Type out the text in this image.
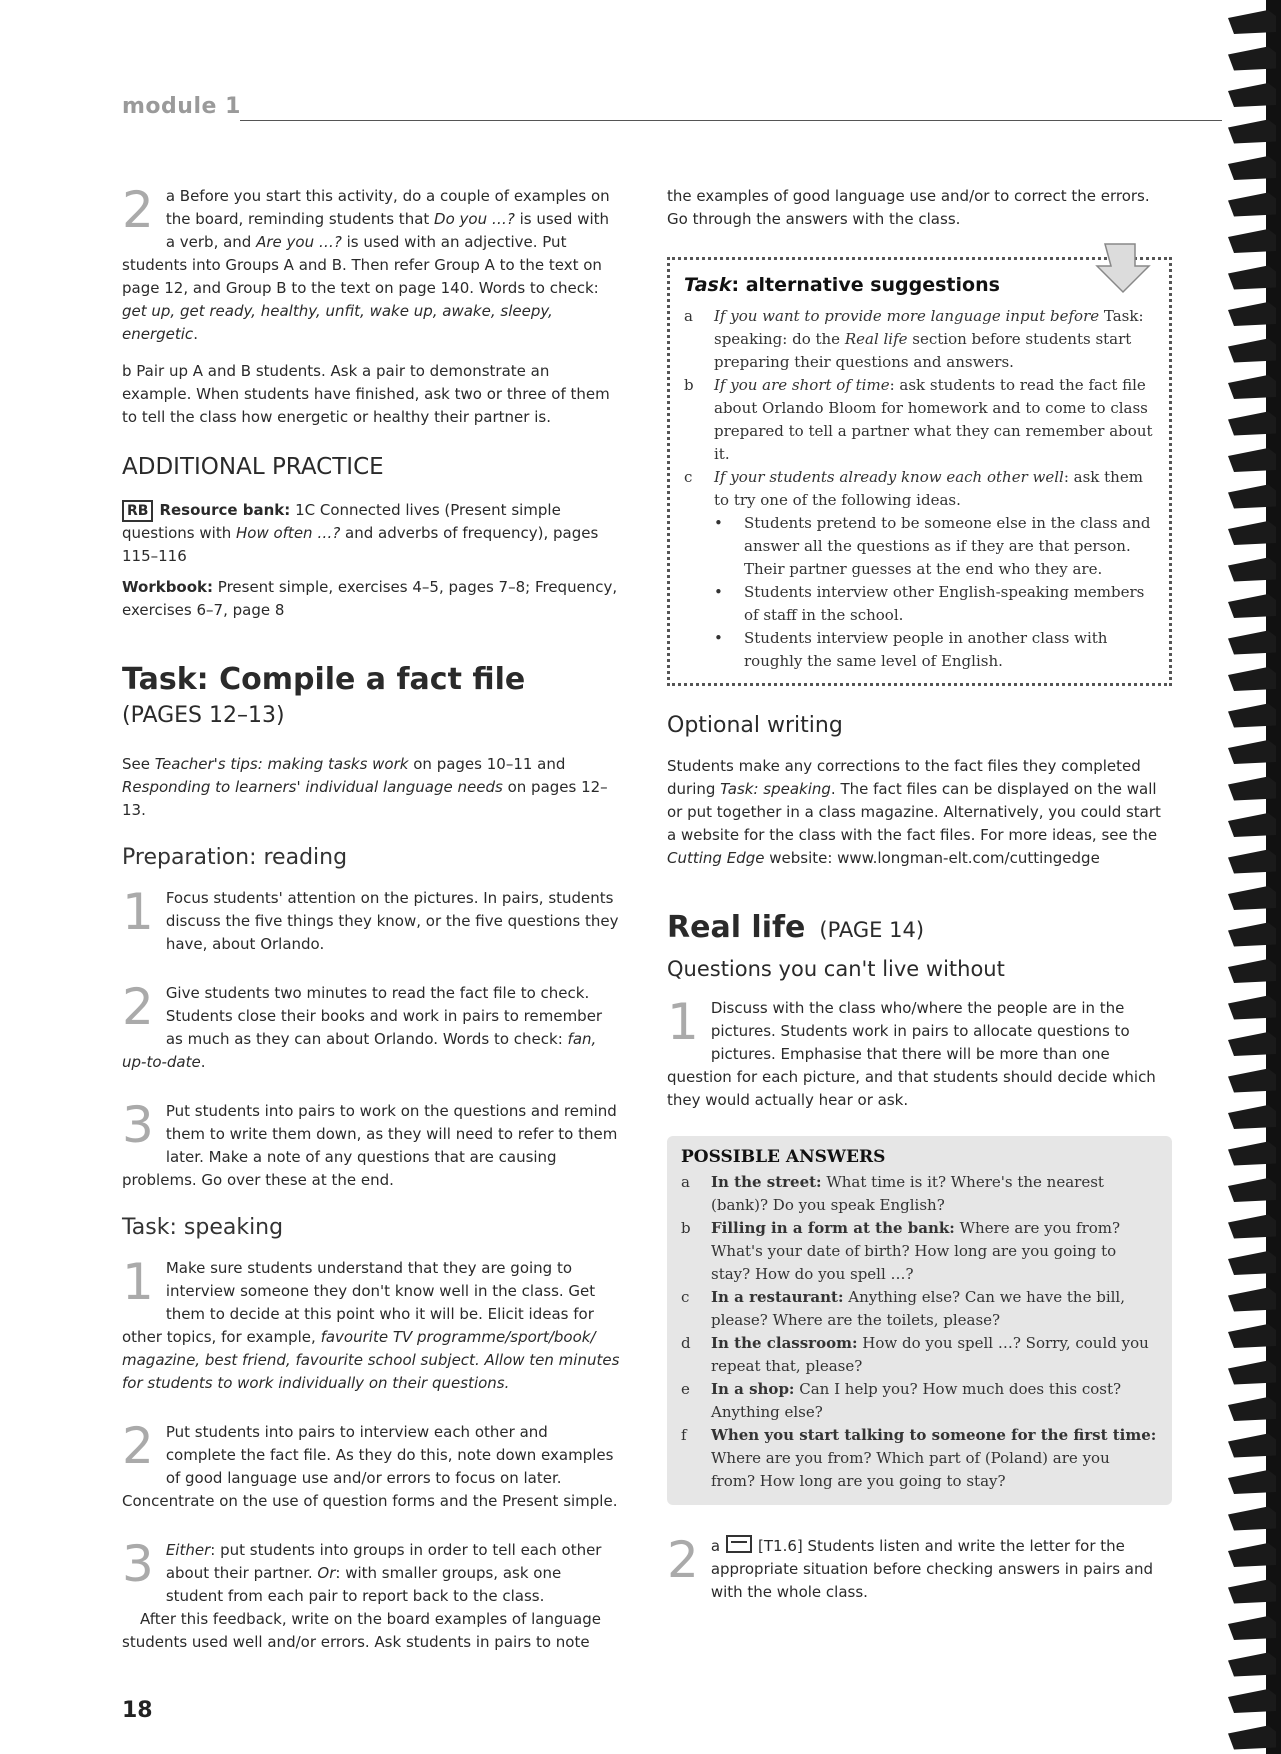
module 1

2 a Before you start this activity, do a couple of examples on the board, reminding students that Do you …? is used with a verb, and Are you …? is used with an adjective. Put students into Groups A and B. Then refer Group A to the text on page 12, and Group B to the text on page 140. Words to check: get up, get ready, healthy, unfit, wake up, awake, sleepy, energetic.

b Pair up A and B students. Ask a pair to demonstrate an example. When students have finished, ask two or three of them to tell the class how energetic or healthy their partner is.

ADDITIONAL PRACTICE

RB Resource bank: 1C Connected lives (Present simple questions with How often …? and adverbs of frequency), pages 115–116

Workbook: Present simple, exercises 4–5, pages 7–8; Frequency, exercises 6–7, page 8

Task: Compile a fact file
(PAGES 12–13)

See Teacher's tips: making tasks work on pages 10–11 and Responding to learners' individual language needs on pages 12–13.

Preparation: reading

1 Focus students' attention on the pictures. In pairs, students discuss the five things they know, or the five questions they have, about Orlando.

2 Give students two minutes to read the fact file to check. Students close their books and work in pairs to remember as much as they can about Orlando. Words to check: fan, up-to-date.

3 Put students into pairs to work on the questions and remind them to write them down, as they will need to refer to them later. Make a note of any questions that are causing problems. Go over these at the end.

Task: speaking

1 Make sure students understand that they are going to interview someone they don't know well in the class. Get them to decide at this point who it will be. Elicit ideas for other topics, for example, favourite TV programme/sport/book/ magazine, best friend, favourite school subject. Allow ten minutes for students to work individually on their questions.

2 Put students into pairs to interview each other and complete the fact file. As they do this, note down examples of good language use and/or errors to focus on later. Concentrate on the use of question forms and the Present simple.

3 Either: put students into groups in order to tell each other about their partner. Or: with smaller groups, ask one student from each pair to report back to the class.

After this feedback, write on the board examples of language students used well and/or errors. Ask students in pairs to note

the examples of good language use and/or to correct the errors. Go through the answers with the class.

Task: alternative suggestions
a	If you want to provide more language input before Task: speaking: do the Real life section before students start preparing their questions and answers.
b	If you are short of time: ask students to read the fact file about Orlando Bloom for homework and to come to class prepared to tell a partner what they can remember about it.
c	If your students already know each other well: ask them to try one of the following ideas.
•	Students pretend to be someone else in the class and answer all the questions as if they are that person. Their partner guesses at the end who they are.
•	Students interview other English-speaking members of staff in the school.
•	Students interview people in another class with roughly the same level of English.
Optional writing

Students make any corrections to the fact files they completed during Task: speaking. The fact files can be displayed on the wall or put together in a class magazine. Alternatively, you could start a website for the class with the fact files. For more ideas, see the Cutting Edge website: www.longman-elt.com/cuttingedge

Real life (PAGE 14)
Questions you can't live without

1 Discuss with the class who/where the people are in the pictures. Students work in pairs to allocate questions to pictures. Emphasise that there will be more than one question for each picture, and that students should decide which they would actually hear or ask.

POSSIBLE ANSWERS
a	In the street: What time is it? Where's the nearest (bank)? Do you speak English?
b	Filling in a form at the bank: Where are you from? What's your date of birth? How long are you going to stay? How do you spell …?
c	In a restaurant: Anything else? Can we have the bill, please? Where are the toilets, please?
d	In the classroom: How do you spell …? Sorry, could you repeat that, please?
e	In a shop: Can I help you? How much does this cost? Anything else?
f	When you start talking to someone for the first time: Where are you from? Which part of (Poland) are you from? How long are you going to stay?

2 a	[T1.6] Students listen and write the letter for the appropriate situation before checking answers in pairs and with the whole class.

18
